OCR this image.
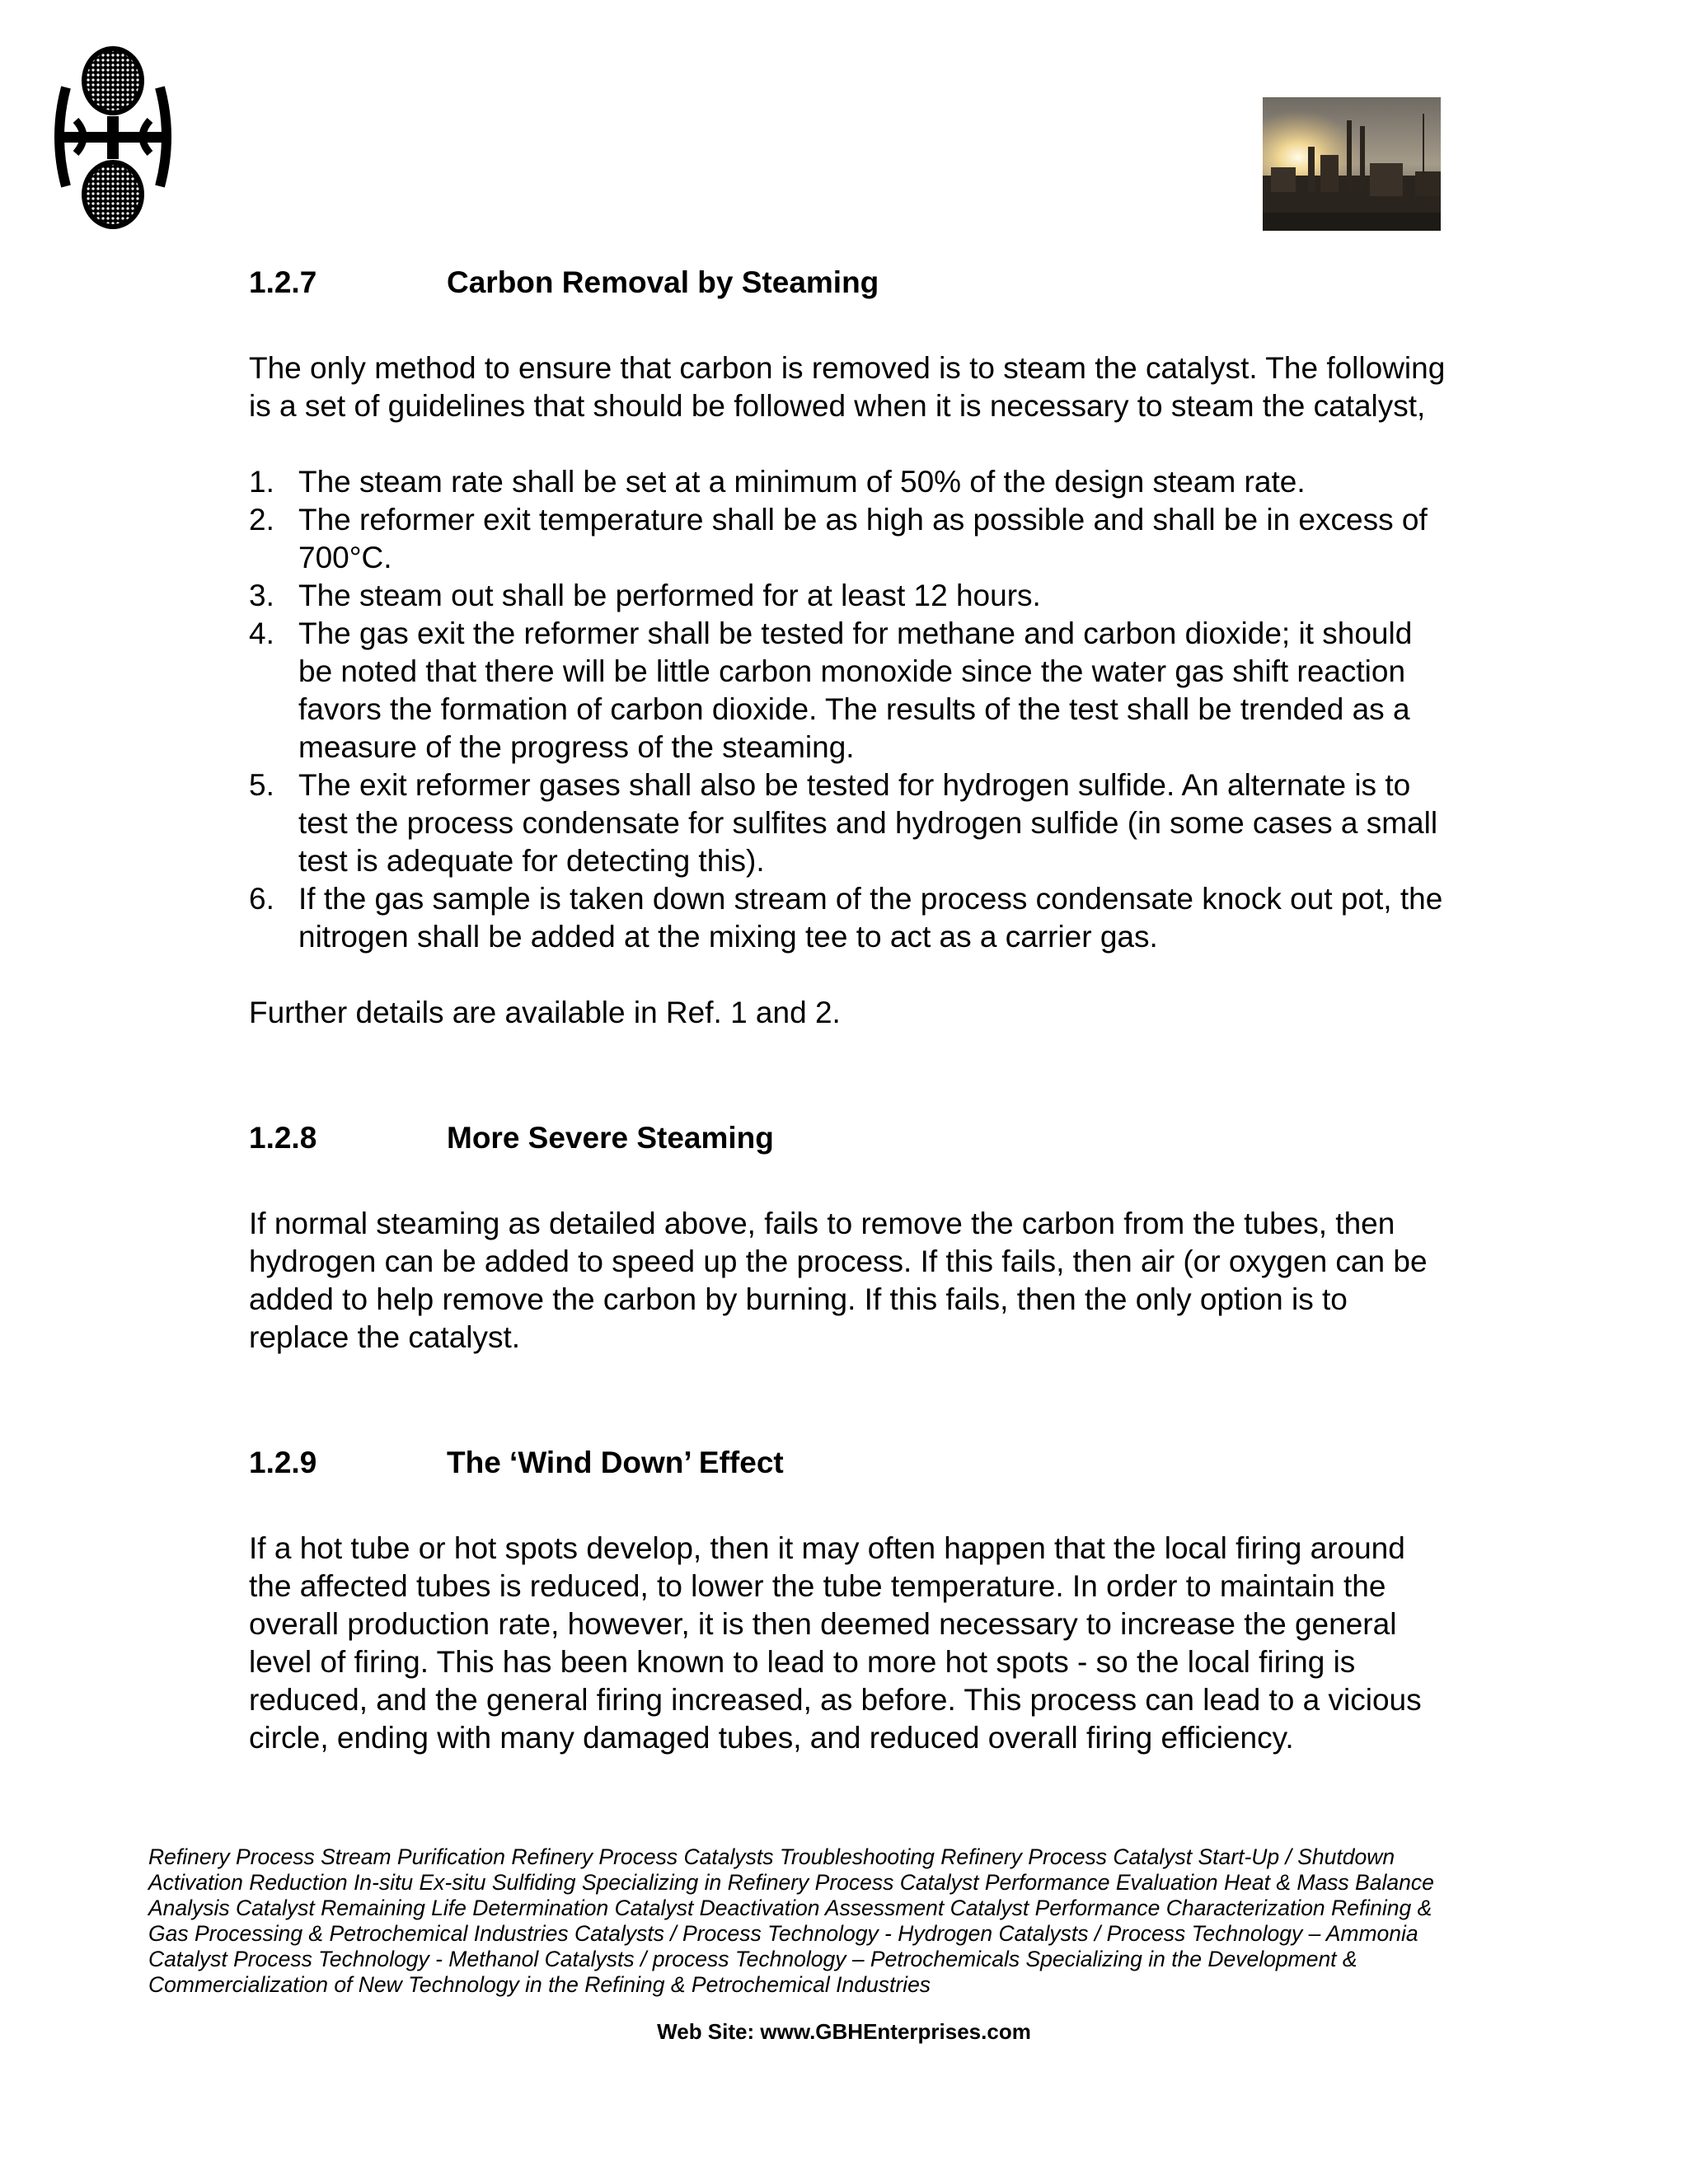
1.2.7	Carbon Removal by Steaming

The only method to ensure that carbon is removed is to steam the catalyst. The following is a set of guidelines that should be followed when it is necessary to steam the catalyst,

1. The steam rate shall be set at a minimum of 50% of the design steam rate.
2. The reformer exit temperature shall be as high as possible and shall be in excess of 700°C.
3. The steam out shall be performed for at least 12 hours.
4. The gas exit the reformer shall be tested for methane and carbon dioxide; it should be noted that there will be little carbon monoxide since the water gas shift reaction favors the formation of carbon dioxide. The results of the test shall be trended as a measure of the progress of the steaming.
5. The exit reformer gases shall also be tested for hydrogen sulfide. An alternate is to test the process condensate for sulfites and hydrogen sulfide (in some cases a small test is adequate for detecting this).
6. If the gas sample is taken down stream of the process condensate knock out pot, the nitrogen shall be added at the mixing tee to act as a carrier gas.

Further details are available in Ref. 1 and 2.

1.2.8	More Severe Steaming

If normal steaming as detailed above, fails to remove the carbon from the tubes, then hydrogen can be added to speed up the process. If this fails, then air (or oxygen can be added to help remove the carbon by burning. If this fails, then the only option is to replace the catalyst.

1.2.9	The ‘Wind Down’ Effect

If a hot tube or hot spots develop, then it may often happen that the local firing around the affected tubes is reduced, to lower the tube temperature. In order to maintain the overall production rate, however, it is then deemed necessary to increase the general level of firing. This has been known to lead to more hot spots - so the local firing is reduced, and the general firing increased, as before. This process can lead to a vicious circle, ending with many damaged tubes, and reduced overall firing efficiency.

Refinery Process Stream Purification Refinery Process Catalysts Troubleshooting Refinery Process Catalyst Start-Up / Shutdown Activation Reduction In-situ Ex-situ Sulfiding Specializing in Refinery Process Catalyst Performance Evaluation Heat & Mass Balance Analysis Catalyst Remaining Life Determination Catalyst Deactivation Assessment Catalyst Performance Characterization Refining & Gas Processing & Petrochemical Industries Catalysts / Process Technology - Hydrogen Catalysts / Process Technology – Ammonia Catalyst Process Technology - Methanol Catalysts / process Technology – Petrochemicals Specializing in the Development & Commercialization of New Technology in the Refining & Petrochemical Industries

Web Site: www.GBHEnterprises.com
